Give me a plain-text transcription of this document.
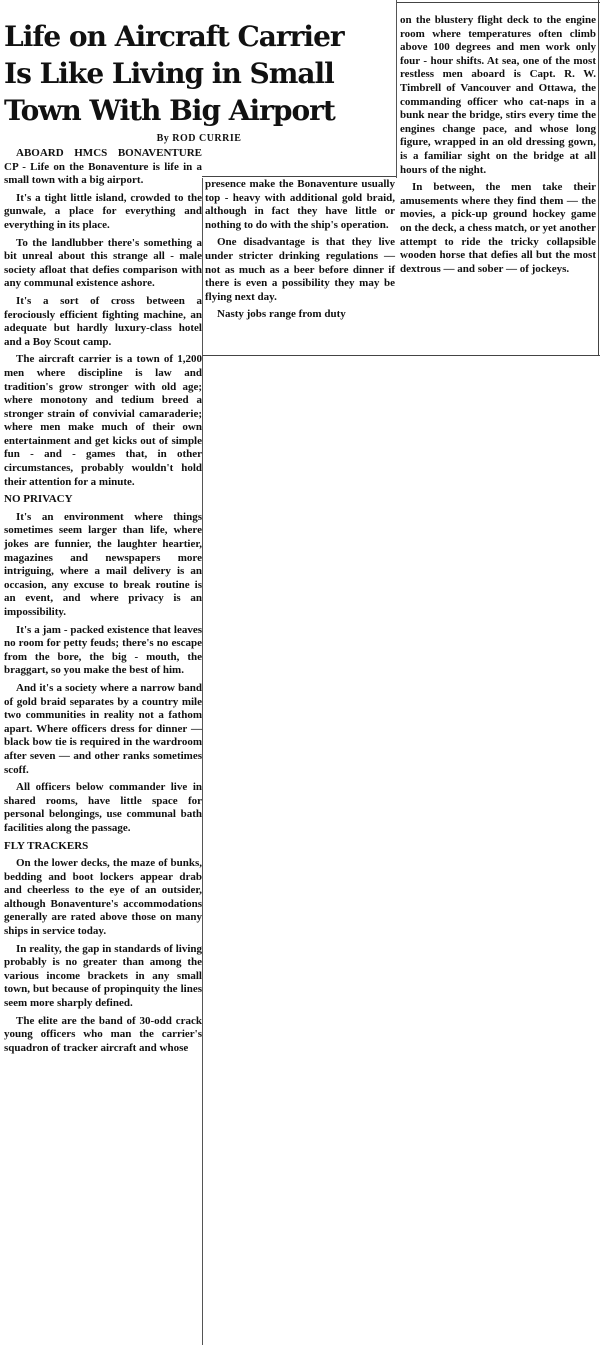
Life on Aircraft Carrier
Is Like Living in Small
Town With Big Airport
By ROD CURRIE

ABOARD HMCS BONAVENTURE CP - Life on the Bonaventure is life in a small town with a big airport.

It's a tight little island, crowded to the gunwale, a place for everything and everything in its place.

To the landlubber there's something a bit unreal about this strange all - male society afloat that defies comparison with any communal existence ashore.

It's a sort of cross between a ferociously efficient fighting machine, an adequate but hardly luxury-class hotel and a Boy Scout camp.

The aircraft carrier is a town of 1,200 men where discipline is law and tradition's grow stronger with old age; where monotony and tedium breed a stronger strain of convivial camaraderie; where men make much of their own entertainment and get kicks out of simple fun - and - games that, in other circumstances, probably wouldn't hold their attention for a minute.

NO PRIVACY

It's an environment where things sometimes seem larger than life, where jokes are funnier, the laughter heartier, magazines and newspapers more intriguing, where a mail delivery is an occasion, any excuse to break routine is an event, and where privacy is an impossibility.

It's a jam - packed existence that leaves no room for petty feuds; there's no escape from the bore, the big - mouth, the braggart, so you make the best of him.

And it's a society where a narrow band of gold braid separates by a country mile two communities in reality not a fathom apart. Where officers dress for dinner — black bow tie is required in the wardroom after seven — and other ranks sometimes scoff.

All officers below commander live in shared rooms, have little space for personal belongings, use communal bath facilities along the passage.

FLY TRACKERS

On the lower decks, the maze of bunks, bedding and boot lockers appear drab and cheerless to the eye of an outsider, although Bonaventure's accommodations generally are rated above those on many ships in service today.

In reality, the gap in standards of living probably is no greater than among the various income brackets in any small town, but because of propinquity the lines seem more sharply defined.

The elite are the band of 30-odd crack young officers who man the carrier's squadron of tracker aircraft and whose

presence make the Bonaventure usually top - heavy with additional gold braid, although in fact they have little or nothing to do with the ship's operation.

One disadvantage is that they live under stricter drinking regulations — not as much as a beer before dinner if there is even a possibility they may be flying next day.

Nasty jobs range from duty

on the blustery flight deck to the engine room where temperatures often climb above 100 degrees and men work only four - hour shifts. At sea, one of the most restless men aboard is Capt. R. W. Timbrell of Vancouver and Ottawa, the commanding officer who cat-naps in a bunk near the bridge, stirs every time the engines change pace, and whose long figure, wrapped in an old dressing gown, is a familiar sight on the bridge at all hours of the night.

In between, the men take their amusements where they find them — the movies, a pick-up ground hockey game on the deck, a chess match, or yet another attempt to ride the tricky collapsible wooden horse that defies all but the most dextrous — and sober — of jockeys.
